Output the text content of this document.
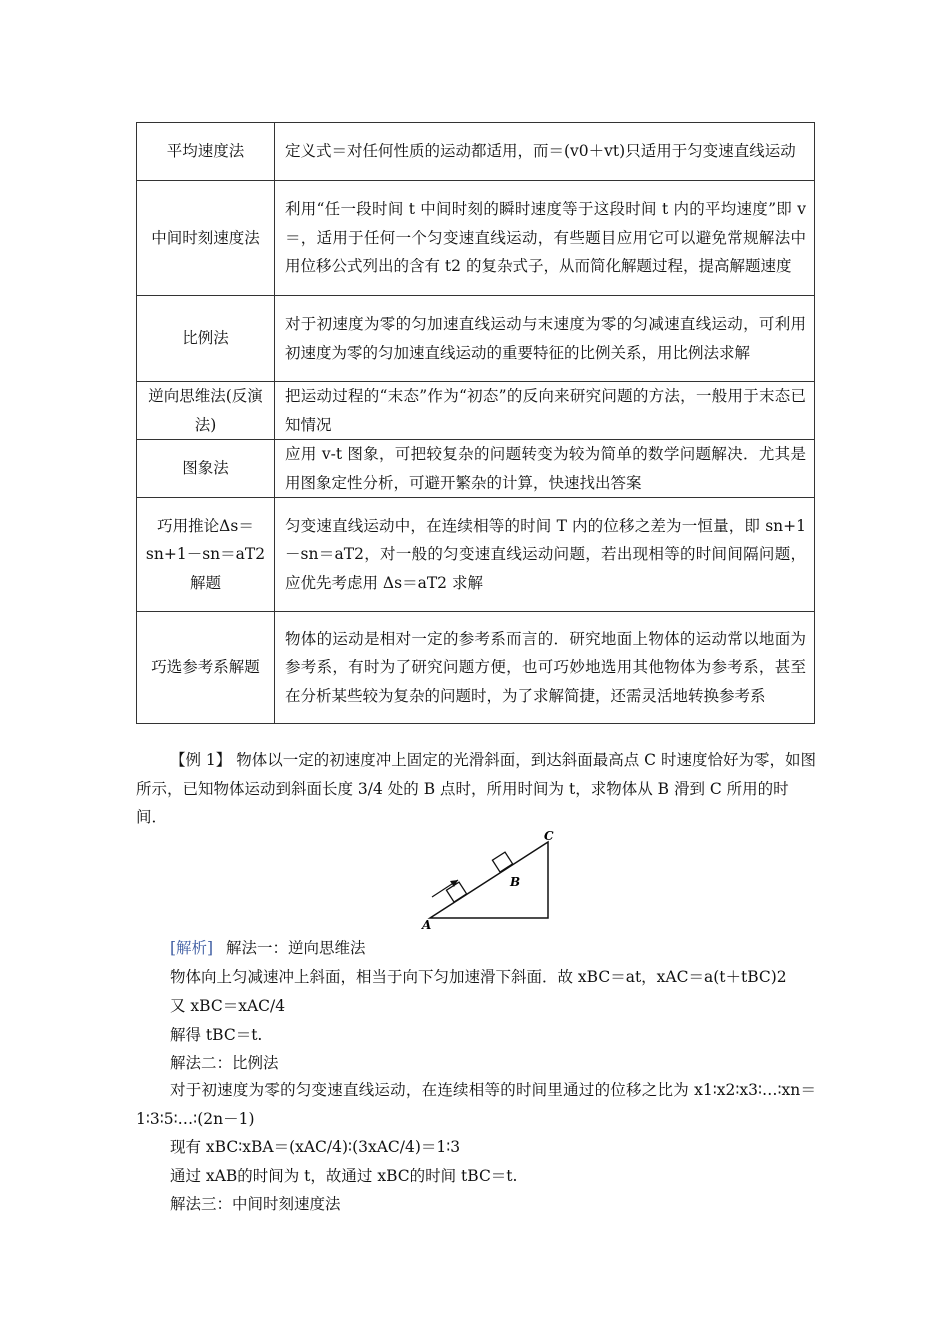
平均速度法	定义式＝对任何性质的运动都适用，而＝(v0＋vt)只适用于匀变速直线运动
中间时刻速度法	利用“任一段时间 t 中间时刻的瞬时速度等于这段时间 t 内的平均速度”即 v＝，适用于任何一个匀变速直线运动，有些题目应用它可以避免常规解法中用位移公式列出的含有 t2 的复杂式子，从而简化解题过程，提高解题速度
比例法	对于初速度为零的匀加速直线运动与末速度为零的匀减速直线运动，可利用初速度为零的匀加速直线运动的重要特征的比例关系，用比例法求解
逆向思维法(反演法)	把运动过程的“末态”作为“初态”的反向来研究问题的方法，一般用于末态已知情况
图象法	应用 v-t 图象，可把较复杂的问题转变为较为简单的数学问题解决．尤其是用图象定性分析，可避开繁杂的计算，快速找出答案
巧用推论Δs＝sn+1－sn＝aT2解题	匀变速直线运动中，在连续相等的时间 T 内的位移之差为一恒量，即 sn+1－sn＝aT2，对一般的匀变速直线运动问题，若出现相等的时间间隔问题，应优先考虑用 Δs＝aT2 求解
巧选参考系解题	物体的运动是相对一定的参考系而言的．研究地面上物体的运动常以地面为参考系，有时为了研究问题方便，也可巧妙地选用其他物体为参考系，甚至在分析某些较为复杂的问题时，为了求解简捷，还需灵活地转换参考系

【例 1】 物体以一定的初速度冲上固定的光滑斜面，到达斜面最高点 C 时速度恰好为零，如图所示，已知物体运动到斜面长度 3/4 处的 B 点时，所用时间为 t，求物体从 B 滑到 C 所用的时间．

A
B
C

[解析] 解法一：逆向思维法

物体向上匀减速冲上斜面，相当于向下匀加速滑下斜面．故 xBC＝at，xAC＝a(t＋tBC)2

又 xBC＝xAC/4

解得 tBC＝t.

解法二：比例法

对于初速度为零的匀变速直线运动，在连续相等的时间里通过的位移之比为 x1∶x2∶x3∶…∶xn＝1∶3∶5∶…∶(2n－1)

现有 xBC∶xBA＝(xAC/4)∶(3xAC/4)＝1∶3

通过 xAB的时间为 t，故通过 xBC的时间 tBC＝t.

解法三：中间时刻速度法
